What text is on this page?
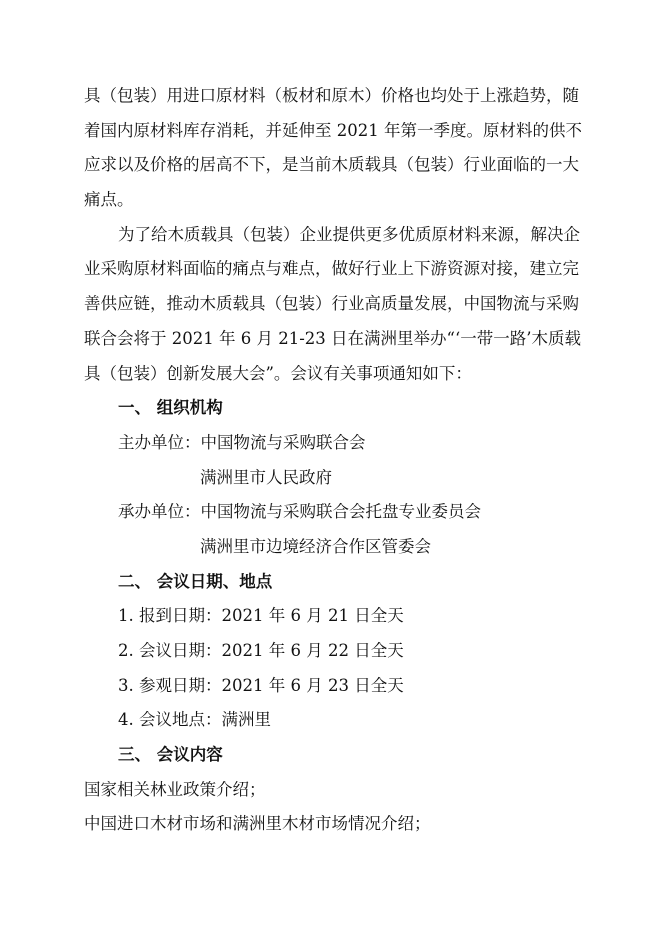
具（包装）用进口原材料（板材和原木）价格也均处于上涨趋势，随
着国内原材料库存消耗，并延伸至 2021 年第一季度。原材料的供不
应求以及价格的居高不下，是当前木质载具（包装）行业面临的一大
痛点。
为了给木质载具（包装）企业提供更多优质原材料来源，解决企
业采购原材料面临的痛点与难点，做好行业上下游资源对接，建立完
善供应链，推动木质载具（包装）行业高质量发展，中国物流与采购
联合会将于 2021 年 6 月 21-23 日在满洲里举办“‘一带一路’木质载
具（包装）创新发展大会”。会议有关事项通知如下：
一、 组织机构
主办单位：中国物流与采购联合会
满洲里市人民政府
承办单位：中国物流与采购联合会托盘专业委员会
满洲里市边境经济合作区管委会
二、 会议日期、地点
1. 报到日期：2021 年 6 月 21 日全天
2. 会议日期：2021 年 6 月 22 日全天
3. 参观日期：2021 年 6 月 23 日全天
4. 会议地点：满洲里
三、 会议内容
国家相关林业政策介绍；
中国进口木材市场和满洲里木材市场情况介绍；
